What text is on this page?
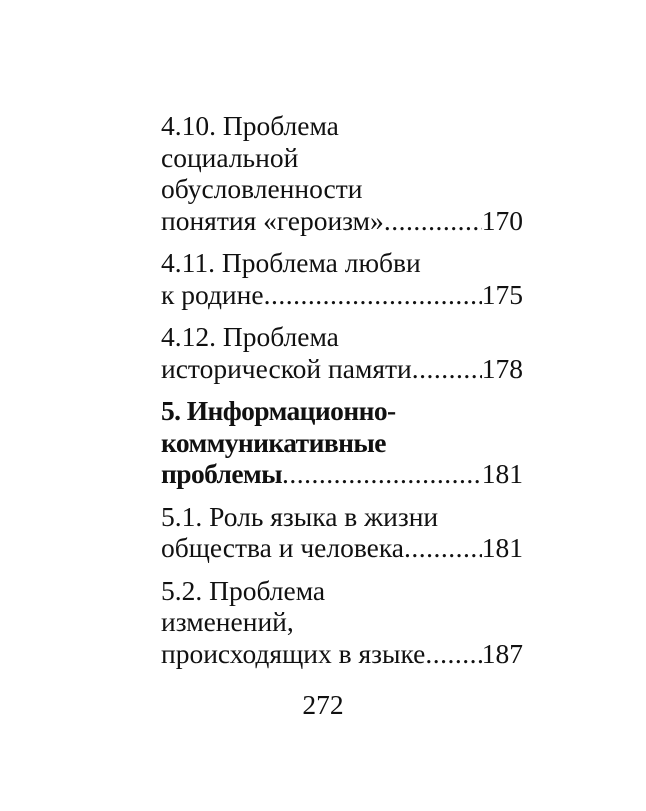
4.10. Проблема
социальной
обусловленности
понятия «героизм» .....	170
4.11. Проблема любви
к родине .....	175
4.12. Проблема
исторической памяти .....	178
5. Информационно-
коммуникативные
проблемы .....	181
5.1. Роль языка в жизни
общества и человека .....	181
5.2. Проблема
изменений,
происходящих в языке ..... 187
272
